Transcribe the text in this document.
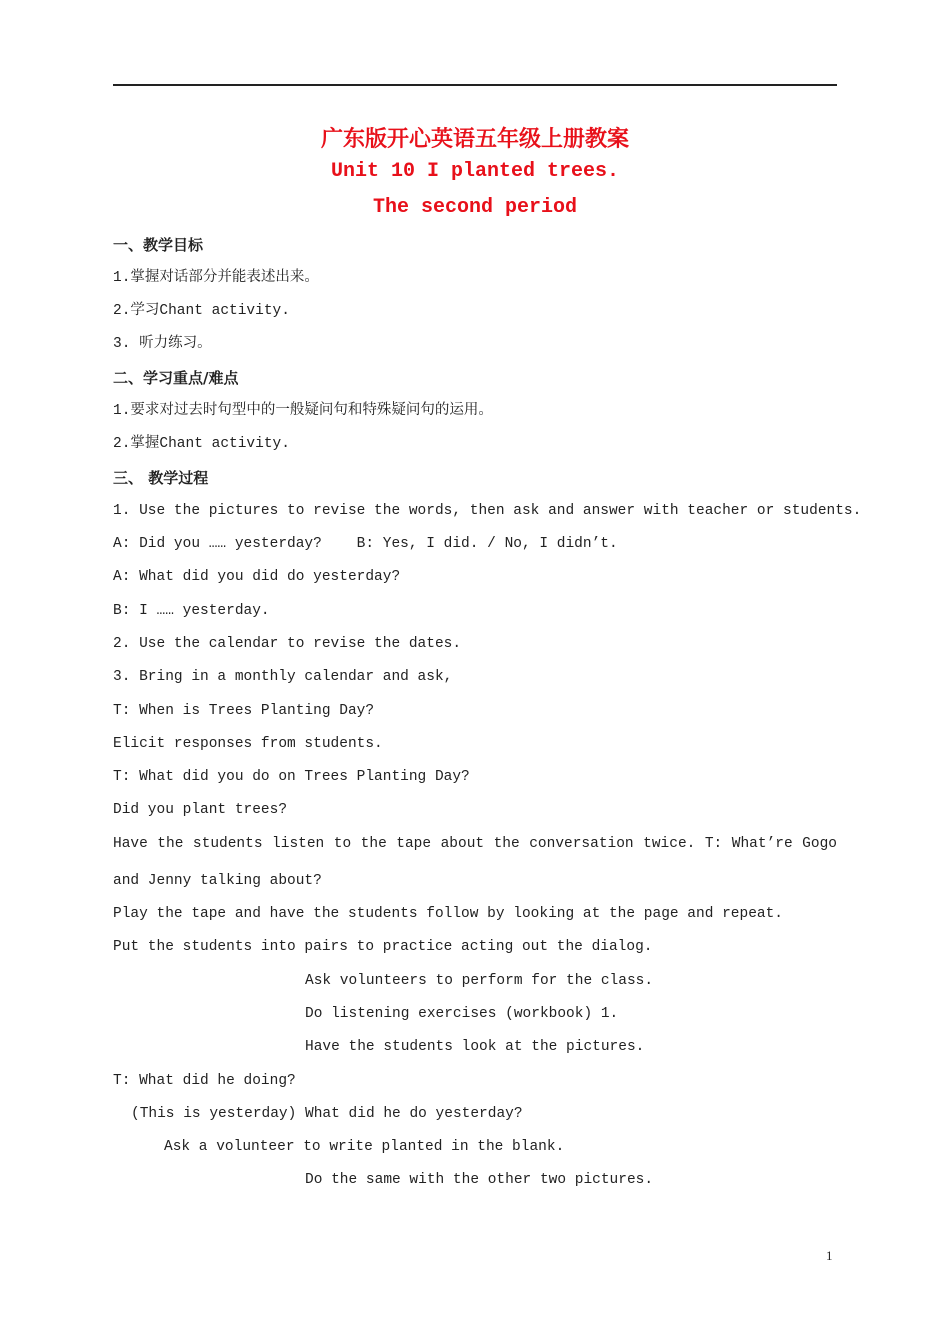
广东版开心英语五年级上册教案
Unit 10 I planted trees.
The second period
一、教学目标
1.掌握对话部分并能表述出来。
2.学习Chant activity.
3. 听力练习。
二、学习重点/难点
1.要求对过去时句型中的一般疑问句和特殊疑问句的运用。
2.掌握Chant activity.
三、 教学过程
1. Use the pictures to revise the words, then ask and answer with teacher or students.
A: Did you …… yesterday?    B: Yes, I did. / No, I didn’t.
A: What did you did do yesterday?
B: I …… yesterday.
2. Use the calendar to revise the dates.
3. Bring in a monthly calendar and ask,
T: When is Trees Planting Day?
Elicit responses from students.
T: What did you do on Trees Planting Day?
Did you plant trees?
Have the students listen to the tape about the conversation twice. T: What’re Gogo
and Jenny talking about?
Play the tape and have the students follow by looking at the page and repeat.
Put the students into pairs to practice acting out the dialog.
Ask volunteers to perform for the class.
Do listening exercises (workbook) 1.
Have the students look at the pictures.
T: What did he doing?
(This is yesterday) What did he do yesterday?
Ask a volunteer to write planted in the blank.
Do the same with the other two pictures.
1
